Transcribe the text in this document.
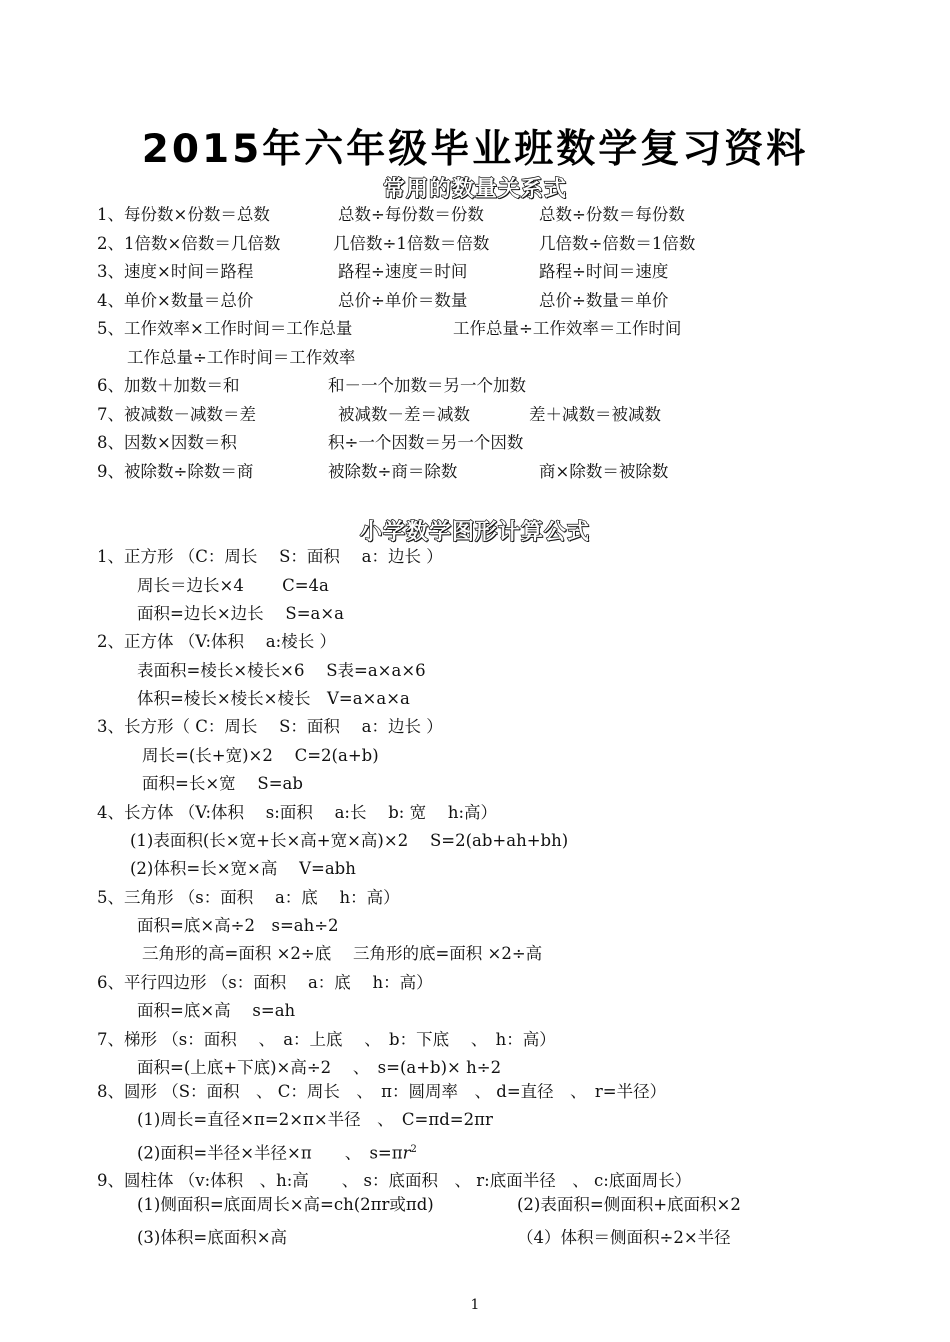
2015年六年级毕业班数学复习资料
常用的数量关系式
1、每份数×份数＝总数	总数÷每份数＝份数	总数÷份数＝每份数
2、1倍数×倍数＝几倍数	几倍数÷1倍数＝倍数	几倍数÷倍数＝1倍数
3、速度×时间＝路程	路程÷速度＝时间	路程÷时间＝速度
4、单价×数量＝总价	总价÷单价＝数量	总价÷数量＝单价
5、工作效率×工作时间＝工作总量	工作总量÷工作效率＝工作时间
工作总量÷工作时间＝工作效率
6、加数＋加数＝和	和－一个加数＝另一个加数
7、被减数－减数＝差	被减数－差＝减数	差＋减数＝被减数
8、因数×因数＝积	积÷一个因数＝另一个因数
9、被除数÷除数＝商	被除数÷商＝除数	商×除数＝被除数
小学数学图形计算公式
1、正方形 （C：周长　 S：面积　 a：边长 ）
周长＝边长×4　　 C=4a
面积=边长×边长　 S=a×a
2、正方体 （V:体积　 a:棱长 ）
表面积=棱长×棱长×6　 S表=a×a×6
体积=棱长×棱长×棱长　V=a×a×a
3、长方形（ C：周长　 S：面积　 a：边长 ）
周长=(长+宽)×2　 C=2(a+b)
面积=长×宽　 S=ab
4、长方体 （V:体积　 s:面积　 a:长　 b: 宽　 h:高）
(1)表面积(长×宽+长×高+宽×高)×2　 S=2(ab+ah+bh)
(2)体积=长×宽×高　 V=abh
5、三角形 （s：面积　 a：底　 h：高）
面积=底×高÷2　s=ah÷2
三角形的高=面积 ×2÷底　 三角形的底=面积 ×2÷高
6、平行四边形 （s：面积　 a：底　 h：高）
面积=底×高　 s=ah
7、梯形 （s：面积　 、　a：上底　 、　b：下底　 、　h：高）
面积=(上底+下底)×高÷2　 、　s=(a+b)× h÷2
8、圆形 （S：面积　、 C：周长　、　π：圆周率　、 d=直径　、　r=半径）
(1)周长=直径×π=2×π×半径　、　C=πd=2πr
(2)面积=半径×半径×π　　、　$s=\pi r^2$
9、圆柱体 （v:体积　、h:高　　、 s：底面积　、 r:底面半径　、 c:底面周长）
(1)侧面积=底面周长×高=ch(2πr或πd)	(2)表面积=侧面积+底面积×2
(3)体积=底面积×高	（4）体积＝侧面积÷2×半径
1
